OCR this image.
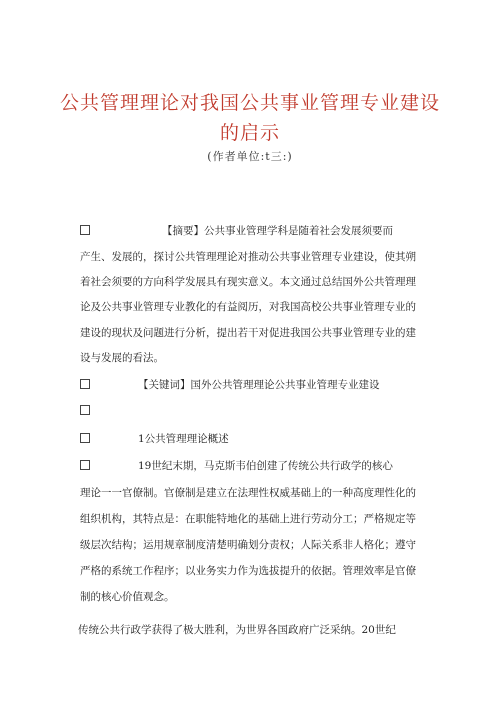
公共管理理论对我国公共事业管理专业建设的启示
(作者单位:t三:)
【摘要】公共事业管理学科是随着社会发展须要而
产生、发展的，探讨公共管理理论对推动公共事业管理专业建设，使其朔
着社会须要的方向科学发展具有现实意义。本文通过总结国外公共管理理
论及公共事业管理专业教化的有益阅历，对我国高校公共事业管理专业的
建设的现状及问题进行分析，提出若干对促进我国公共事业管理专业的建
设与发展的看法。
【关键词】国外公共管理理论公共事业管理专业建设
1公共管理理论概述
19世纪末期，马克斯韦伯创建了传统公共行政学的核心
理论一一官僚制。官僚制是建立在法理性权威基础上的一种高度理性化的
组织机构，其特点是：在职能特地化的基础上进行劳动分工；严格规定等
级层次结构；运用规章制度清楚明确划分责权；人际关系非人格化；遵守
严格的系统工作程序；以业务实力作为选拔提升的依据。管理效率是官僚
制的核心价值观念。
传统公共行政学获得了极大胜利，为世界各国政府广泛采纳。20世纪
